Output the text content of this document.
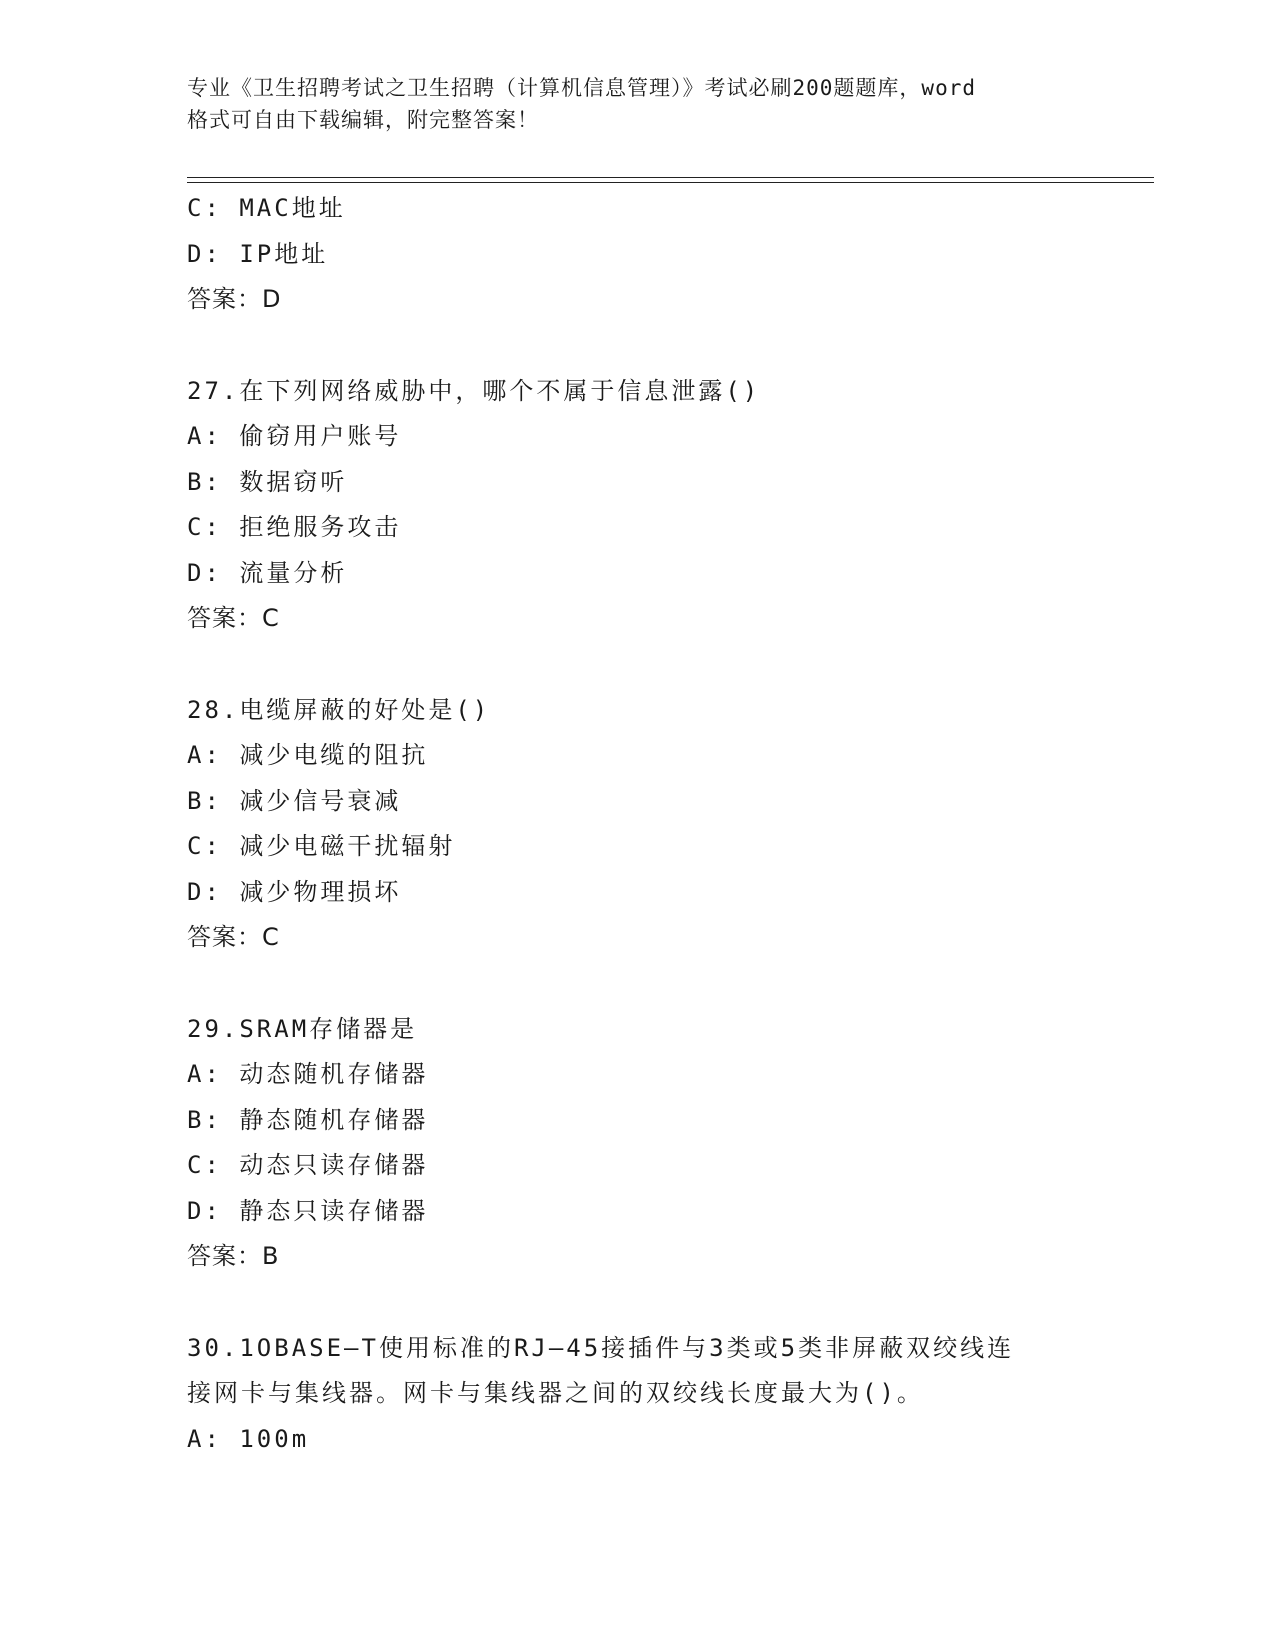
专业《卫生招聘考试之卫生招聘（计算机信息管理）》考试必刷200题题库，word
格式可自由下载编辑，附完整答案！
C: MAC地址
D: IP地址
答案：D
27.在下列网络威胁中，哪个不属于信息泄露()
A: 偷窃用户账号
B: 数据窃听
C: 拒绝服务攻击
D: 流量分析
答案：C
28.电缆屏蔽的好处是()
A: 减少电缆的阻抗
B: 减少信号衰减
C: 减少电磁干扰辐射
D: 减少物理损坏
答案：C
29.SRAM存储器是
A: 动态随机存储器
B: 静态随机存储器
C: 动态只读存储器
D: 静态只读存储器
答案：B
30.1OBASE—T使用标准的RJ—45接插件与3类或5类非屏蔽双绞线连
接网卡与集线器。网卡与集线器之间的双绞线长度最大为()。
A: 100m
